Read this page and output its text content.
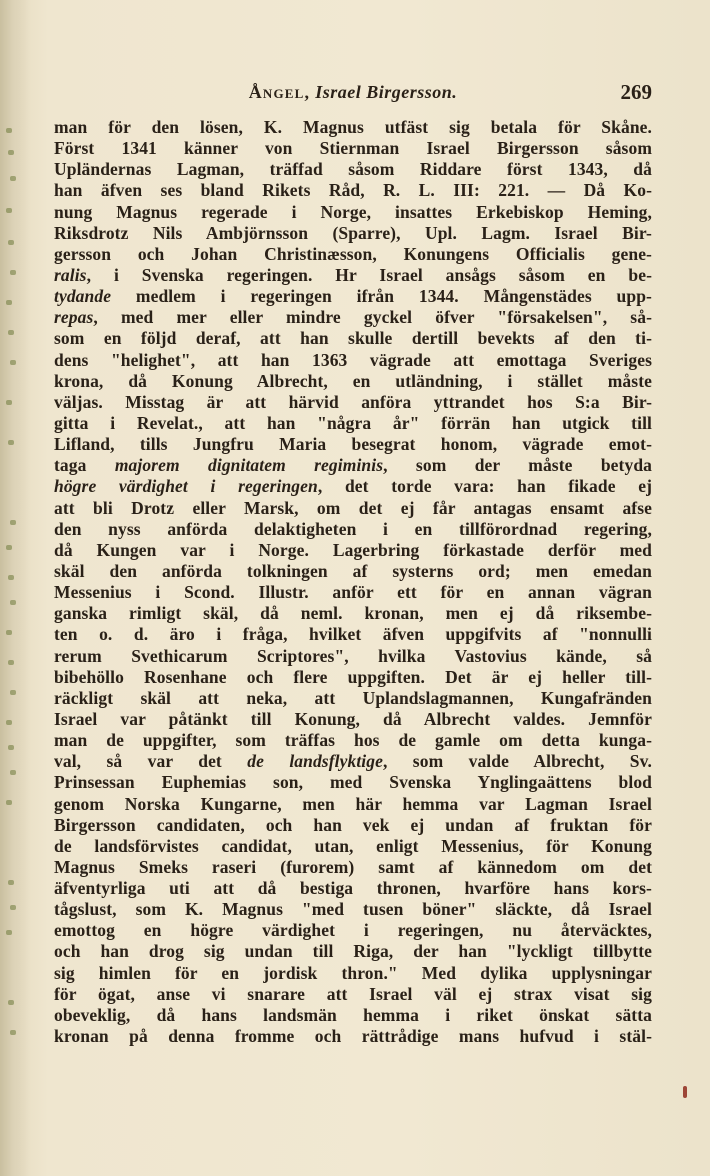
Ångel, Israel Birgersson.	269
man för den lösen, K. Magnus utfäst sig betala för Skåne.
Först 1341 känner von Stiernman Israel Birgersson såsom
Upländernas Lagman, träffad såsom Riddare först 1343, då
han äfven ses bland Rikets Råd, R. L. III: 221. — Då Ko-
nung Magnus regerade i Norge, insattes Erkebiskop Heming,
Riksdrotz Nils Ambjörnsson (Sparre), Upl. Lagm. Israel Bir-
gersson och Johan Christinæsson, Konungens Officialis gene-
ralis, i Svenska regeringen. Hr Israel ansågs såsom en be-
tydande medlem i regeringen ifrån 1344. Mångenstädes upp-
repas, med mer eller mindre gyckel öfver "försakelsen", så-
som en följd deraf, att han skulle dertill bevekts af den ti-
dens "helighet", att han 1363 vägrade att emottaga Sveriges
krona, då Konung Albrecht, en utländning, i stället måste
väljas. Misstag är att härvid anföra yttrandet hos S:a Bir-
gitta i Revelat., att han "några år" förrän han utgick till
Lifland, tills Jungfru Maria besegrat honom, vägrade emot-
taga majorem dignitatem regiminis, som der måste betyda
högre värdighet i regeringen, det torde vara: han fikade ej
att bli Drotz eller Marsk, om det ej får antagas ensamt afse
den nyss anförda delaktigheten i en tillförordnad regering,
då Kungen var i Norge. Lagerbring förkastade derför med
skäl den anförda tolkningen af systerns ord; men emedan
Messenius i Scond. Illustr. anför ett för en annan vägran
ganska rimligt skäl, då neml. kronan, men ej då riksembe-
ten o. d. äro i fråga, hvilket äfven uppgifvits af "nonnulli
rerum Svethicarum Scriptores", hvilka Vastovius kände, så
bibehöllo Rosenhane och flere uppgiften. Det är ej heller till-
räckligt skäl att neka, att Uplandslagmannen, Kungafränden
Israel var påtänkt till Konung, då Albrecht valdes. Jemnför
man de uppgifter, som träffas hos de gamle om detta kunga-
val, så var det de landsflyktige, som valde Albrecht, Sv.
Prinsessan Euphemias son, med Svenska Ynglingaättens blod
genom Norska Kungarne, men här hemma var Lagman Israel
Birgersson candidaten, och han vek ej undan af fruktan för
de landsförvistes candidat, utan, enligt Messenius, för Konung
Magnus Smeks raseri (furorem) samt af kännedom om det
äfventyrliga uti att då bestiga thronen, hvarföre hans kors-
tågslust, som K. Magnus "med tusen böner" släckte, då Israel
emottog en högre värdighet i regeringen, nu återväcktes,
och han drog sig undan till Riga, der han "lyckligt tillbytte
sig himlen för en jordisk thron." Med dylika upplysningar
för ögat, anse vi snarare att Israel väl ej strax visat sig
obeveklig, då hans landsmän hemma i riket önskat sätta
kronan på denna fromme och rättrådige mans hufvud i stäl-
